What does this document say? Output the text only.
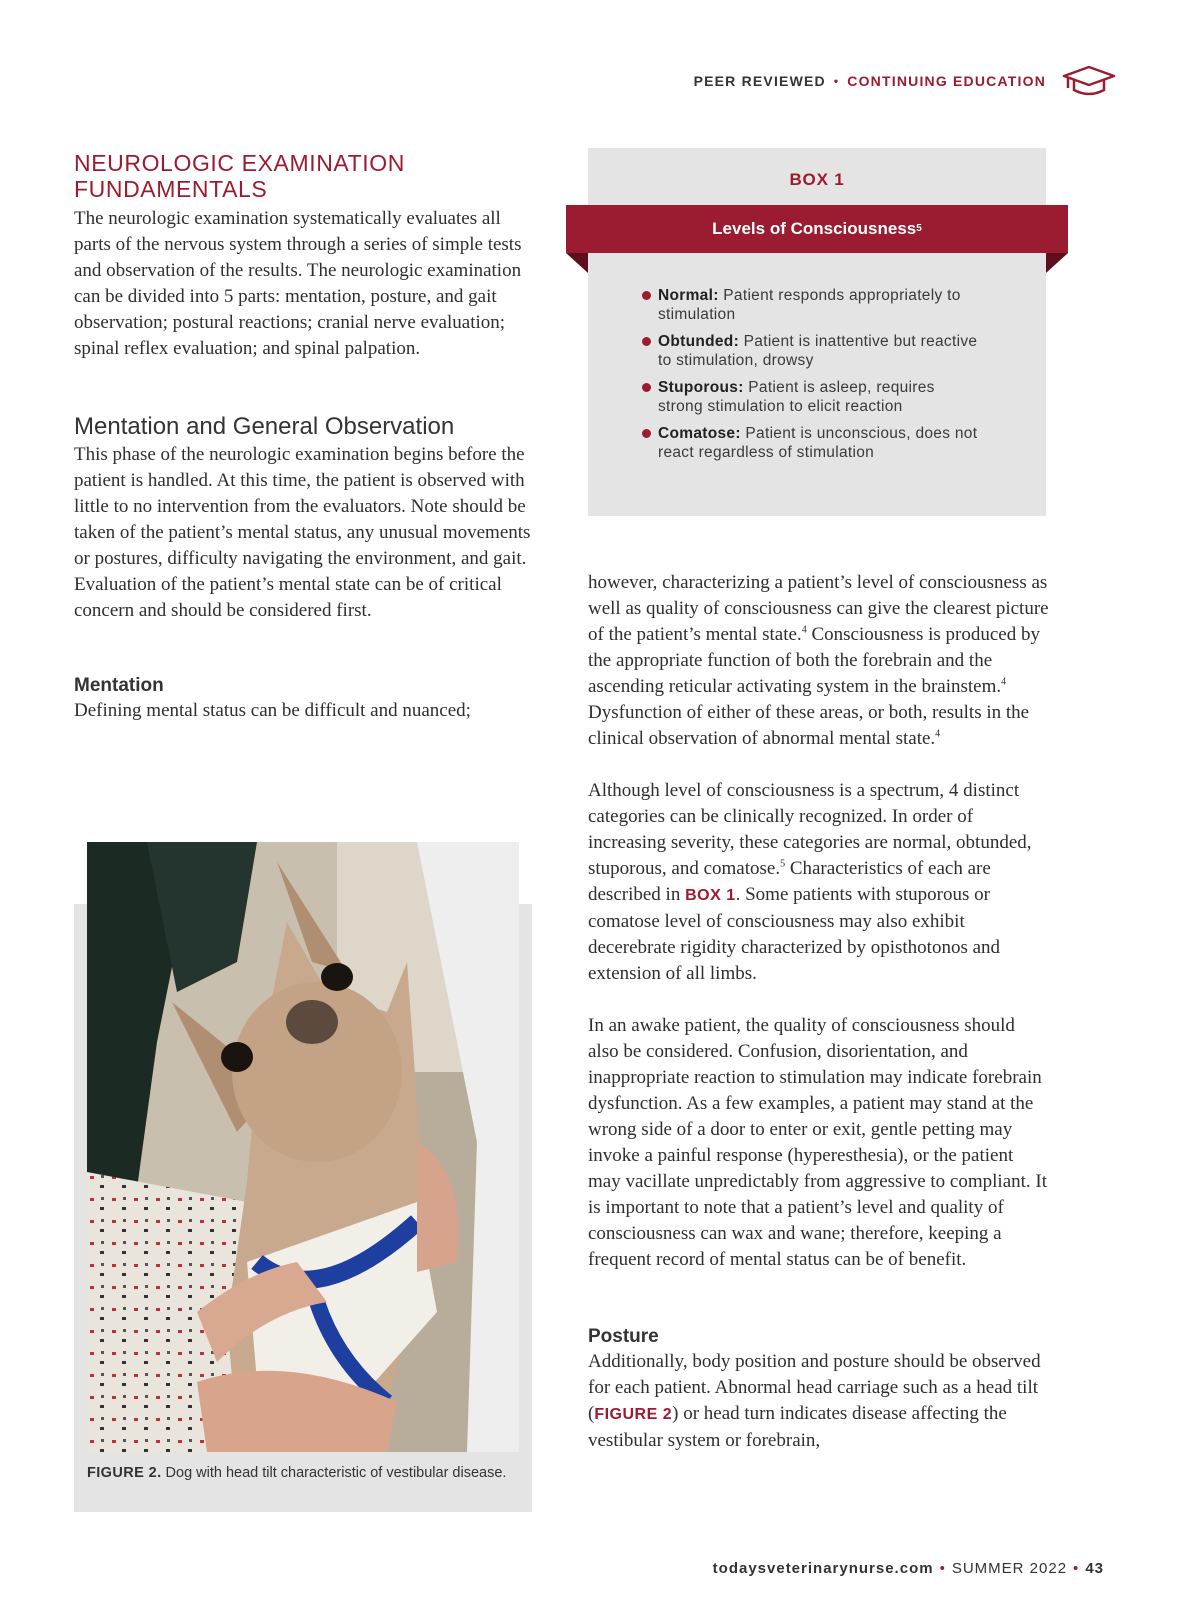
PEER REVIEWED • CONTINUING EDUCATION
NEUROLOGIC EXAMINATION FUNDAMENTALS

The neurologic examination systematically evaluates all parts of the nervous system through a series of simple tests and observation of the results. The neurologic examination can be divided into 5 parts: mentation, posture, and gait observation; postural reactions; cranial nerve evaluation; spinal reflex evaluation; and spinal palpation.

Mentation and General Observation

This phase of the neurologic examination begins before the patient is handled. At this time, the patient is observed with little to no intervention from the evaluators. Note should be taken of the patient’s mental status, any unusual movements or postures, difficulty navigating the environment, and gait. Evaluation of the patient’s mental state can be of critical concern and should be considered first.

Mentation

Defining mental status can be difficult and nuanced;

BOX 1
Normal: Patient responds appropriately to stimulation
Obtunded: Patient is inattentive but reactive to stimulation, drowsy
Stuporous: Patient is asleep, requires strong stimulation to elicit reaction
Comatose: Patient is unconscious, does not react regardless of stimulation
Levels of Consciousness 5

however, characterizing a patient’s level of consciousness as well as quality of consciousness can give the clearest picture of the patient’s mental state.$^4$ Consciousness is produced by the appropriate function of both the forebrain and the ascending reticular activating system in the brainstem.$^4$ Dysfunction of either of these areas, or both, results in the clinical observation of abnormal mental state.$^4$

Although level of consciousness is a spectrum, 4 distinct categories can be clinically recognized. In order of increasing severity, these categories are normal, obtunded, stuporous, and comatose.$^5$ Characteristics of each are described in BOX 1. Some patients with stuporous or comatose level of consciousness may also exhibit decerebrate rigidity characterized by opisthotonos and extension of all limbs.

In an awake patient, the quality of consciousness should also be considered. Confusion, disorientation, and inappropriate reaction to stimulation may indicate forebrain dysfunction. As a few examples, a patient may stand at the wrong side of a door to enter or exit, gentle petting may invoke a painful response (hyperesthesia), or the patient may vacillate unpredictably from aggressive to compliant. It is important to note that a patient’s level and quality of consciousness can wax and wane; therefore, keeping a frequent record of mental status can be of benefit.

Posture

Additionally, body position and posture should be observed for each patient. Abnormal head carriage such as a head tilt (FIGURE 2) or head turn indicates disease affecting the vestibular system or forebrain,

FIGURE 2. Dog with head tilt characteristic of vestibular disease.
todaysveterinarynurse.com • SUMMER 2022 • 43
